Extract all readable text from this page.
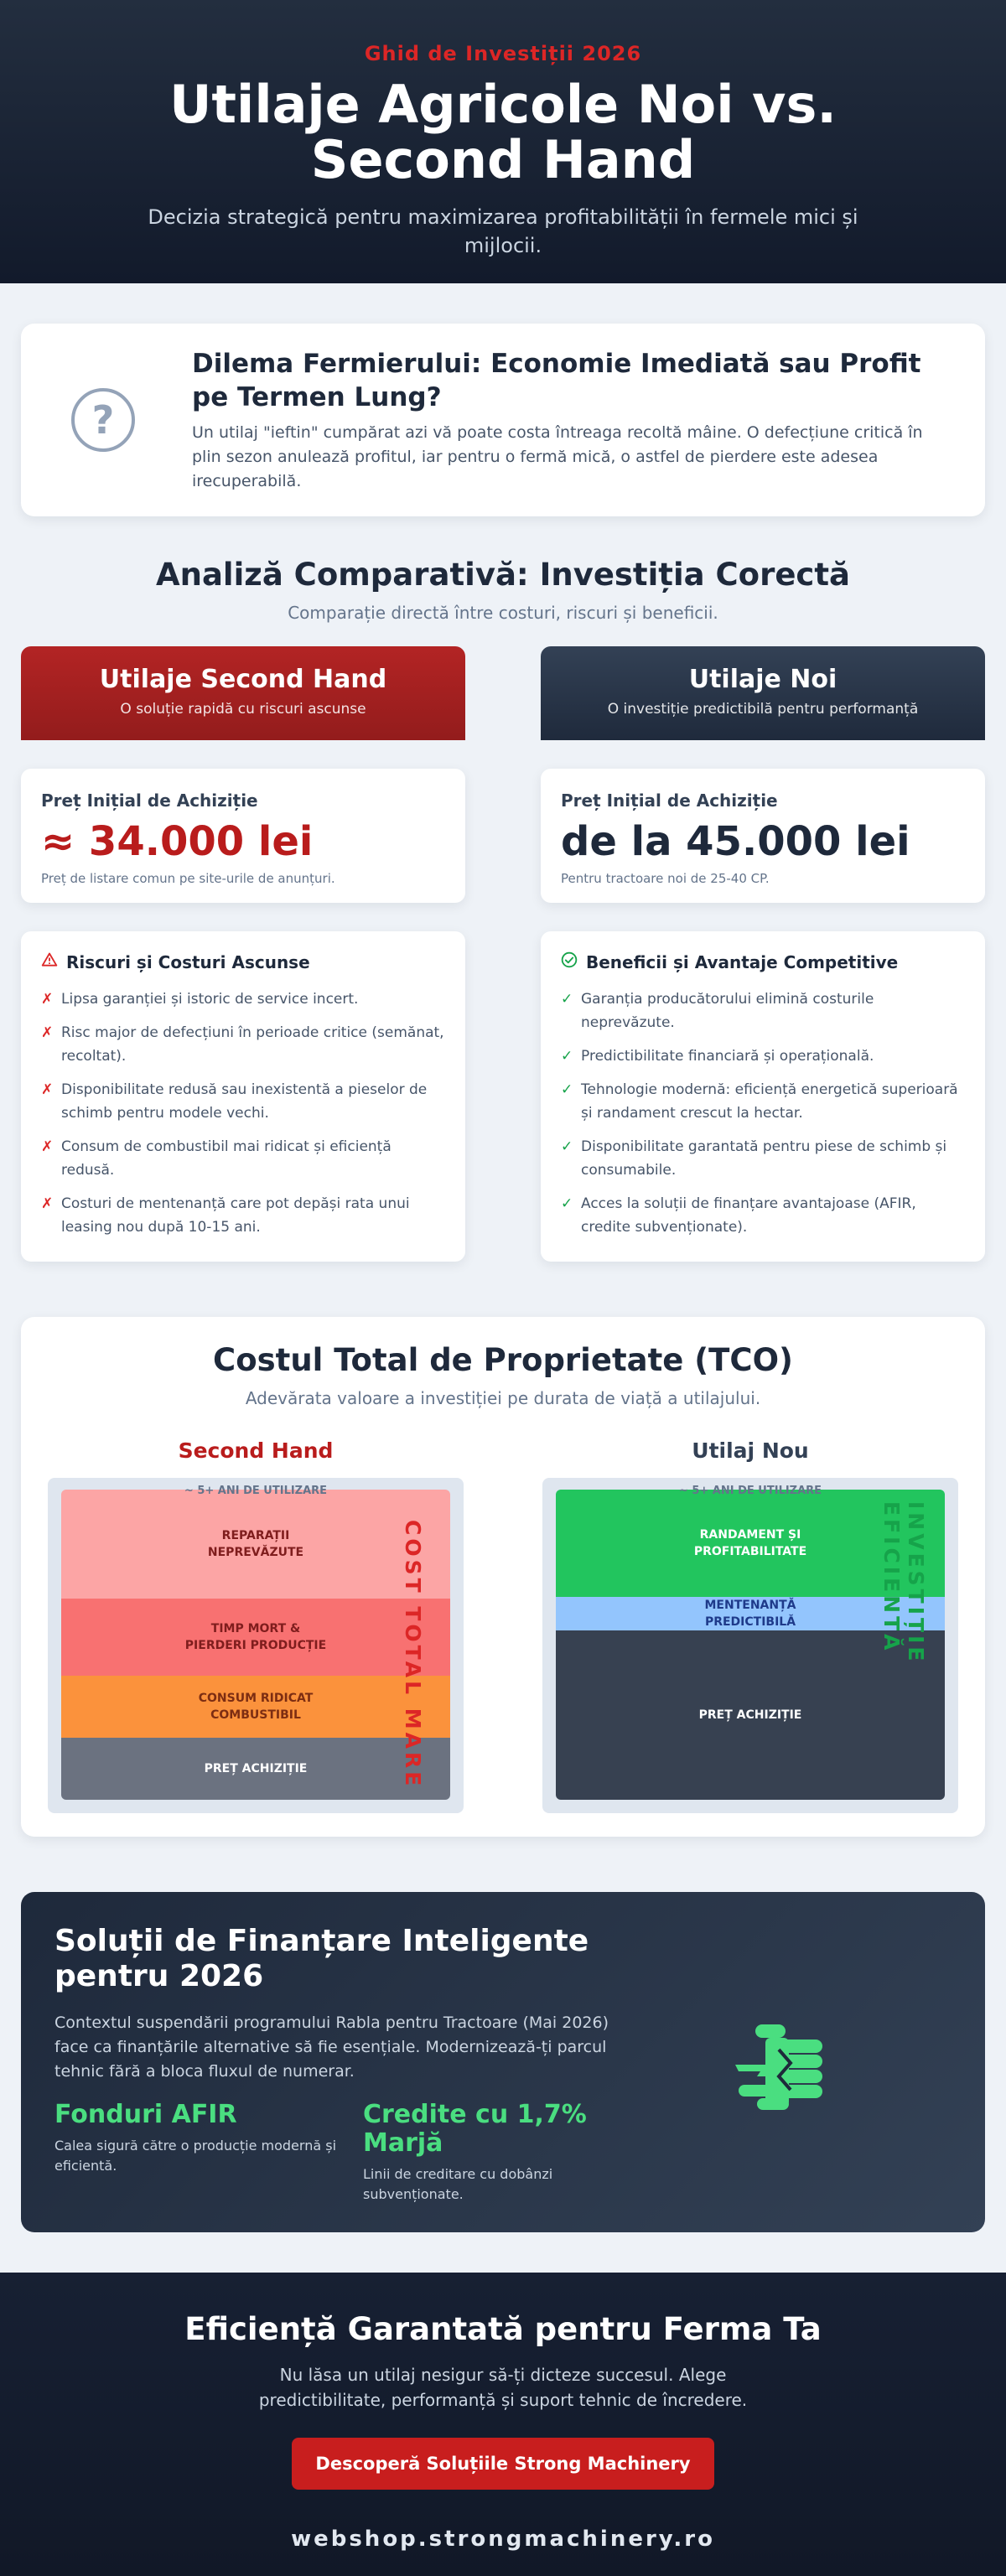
Ghid de Investiții 2026
Utilaje Agricole Noi vs. Second Hand
Decizia strategică pentru maximizarea profitabilității în fermele mici și mijlocii.
?
Dilema Fermierului: Economie Imediată sau Profit pe Termen Lung?

Un utilaj "ieftin" cumpărat azi vă poate costa întreaga recoltă mâine. O defecțiune critică în plin sezon anulează profitul, iar pentru o fermă mică, o astfel de pierdere este adesea irecuperabilă.

Analiză Comparativă: Investiția Corectă
Comparație directă între costuri, riscuri și beneficii.
Utilaje Second Hand
O soluție rapidă cu riscuri ascunse
Preț Inițial de Achiziție
≈ 34.000 lei
Preț de listare comun pe site-urile de anunțuri.
Riscuri și Costuri Ascunse
✗ Lipsa garanției și istoric de service incert.
✗ Risc major de defecțiuni în perioade critice (semănat, recoltat).
✗ Disponibilitate redusă sau inexistentă a pieselor de schimb pentru modele vechi.
✗ Consum de combustibil mai ridicat și eficiență redusă.
✗ Costuri de mentenanță care pot depăși rata unui leasing nou după 10-15 ani.
Utilaje Noi
O investiție predictibilă pentru performanță
Preț Inițial de Achiziție
de la 45.000 lei
Pentru tractoare noi de 25-40 CP.
Beneficii și Avantaje Competitive
✓ Garanția producătorului elimină costurile neprevăzute.
✓ Predictibilitate financiară și operațională.
✓ Tehnologie modernă: eficiență energetică superioară și randament crescut la hectar.
✓ Disponibilitate garantată pentru piese de schimb și consumabile.
✓ Acces la soluții de finanțare avantajoase (AFIR, credite subvenționate).
Costul Total de Proprietate (TCO)
Adevărata valoare a investiției pe durata de viață a utilajului.
Second Hand
~ 5+ ANI DE UTILIZARE
REPARAȚII
NEPREVĂZUTE
TIMP MORT &
PIERDERI PRODUCȚIE
CONSUM RIDICAT
COMBUSTIBIL
PREȚ ACHIZIȚIE	COST TOTAL MARE
Utilaj Nou
~ 5+ ANI DE UTILIZARE
RANDAMENT ȘI
PROFITABILITATE
MENTENANȚĂ
PREDICTIBILĂ
PREȚ ACHIZIȚIE
INVESTIȚIE EFICIENTĂ
Soluții de Finanțare Inteligente pentru 2026
Contextul suspendării programului Rabla pentru Tractoare (Mai 2026) face ca finanțările alternative să fie esențiale. Modernizează-ți parcul tehnic fără a bloca fluxul de numerar.
Fonduri AFIR
Calea sigură către o producție modernă și eficientă.
Credite cu 1,7% Marjă
Linii de creditare cu dobânzi subvenționate.
Eficiență Garantată pentru Ferma Ta
Nu lăsa un utilaj nesigur să-ți dicteze succesul. Alege predictibilitate, performanță și suport tehnic de încredere.
Descoperă Soluțiile Strong Machinery
webshop.strongmachinery.ro
